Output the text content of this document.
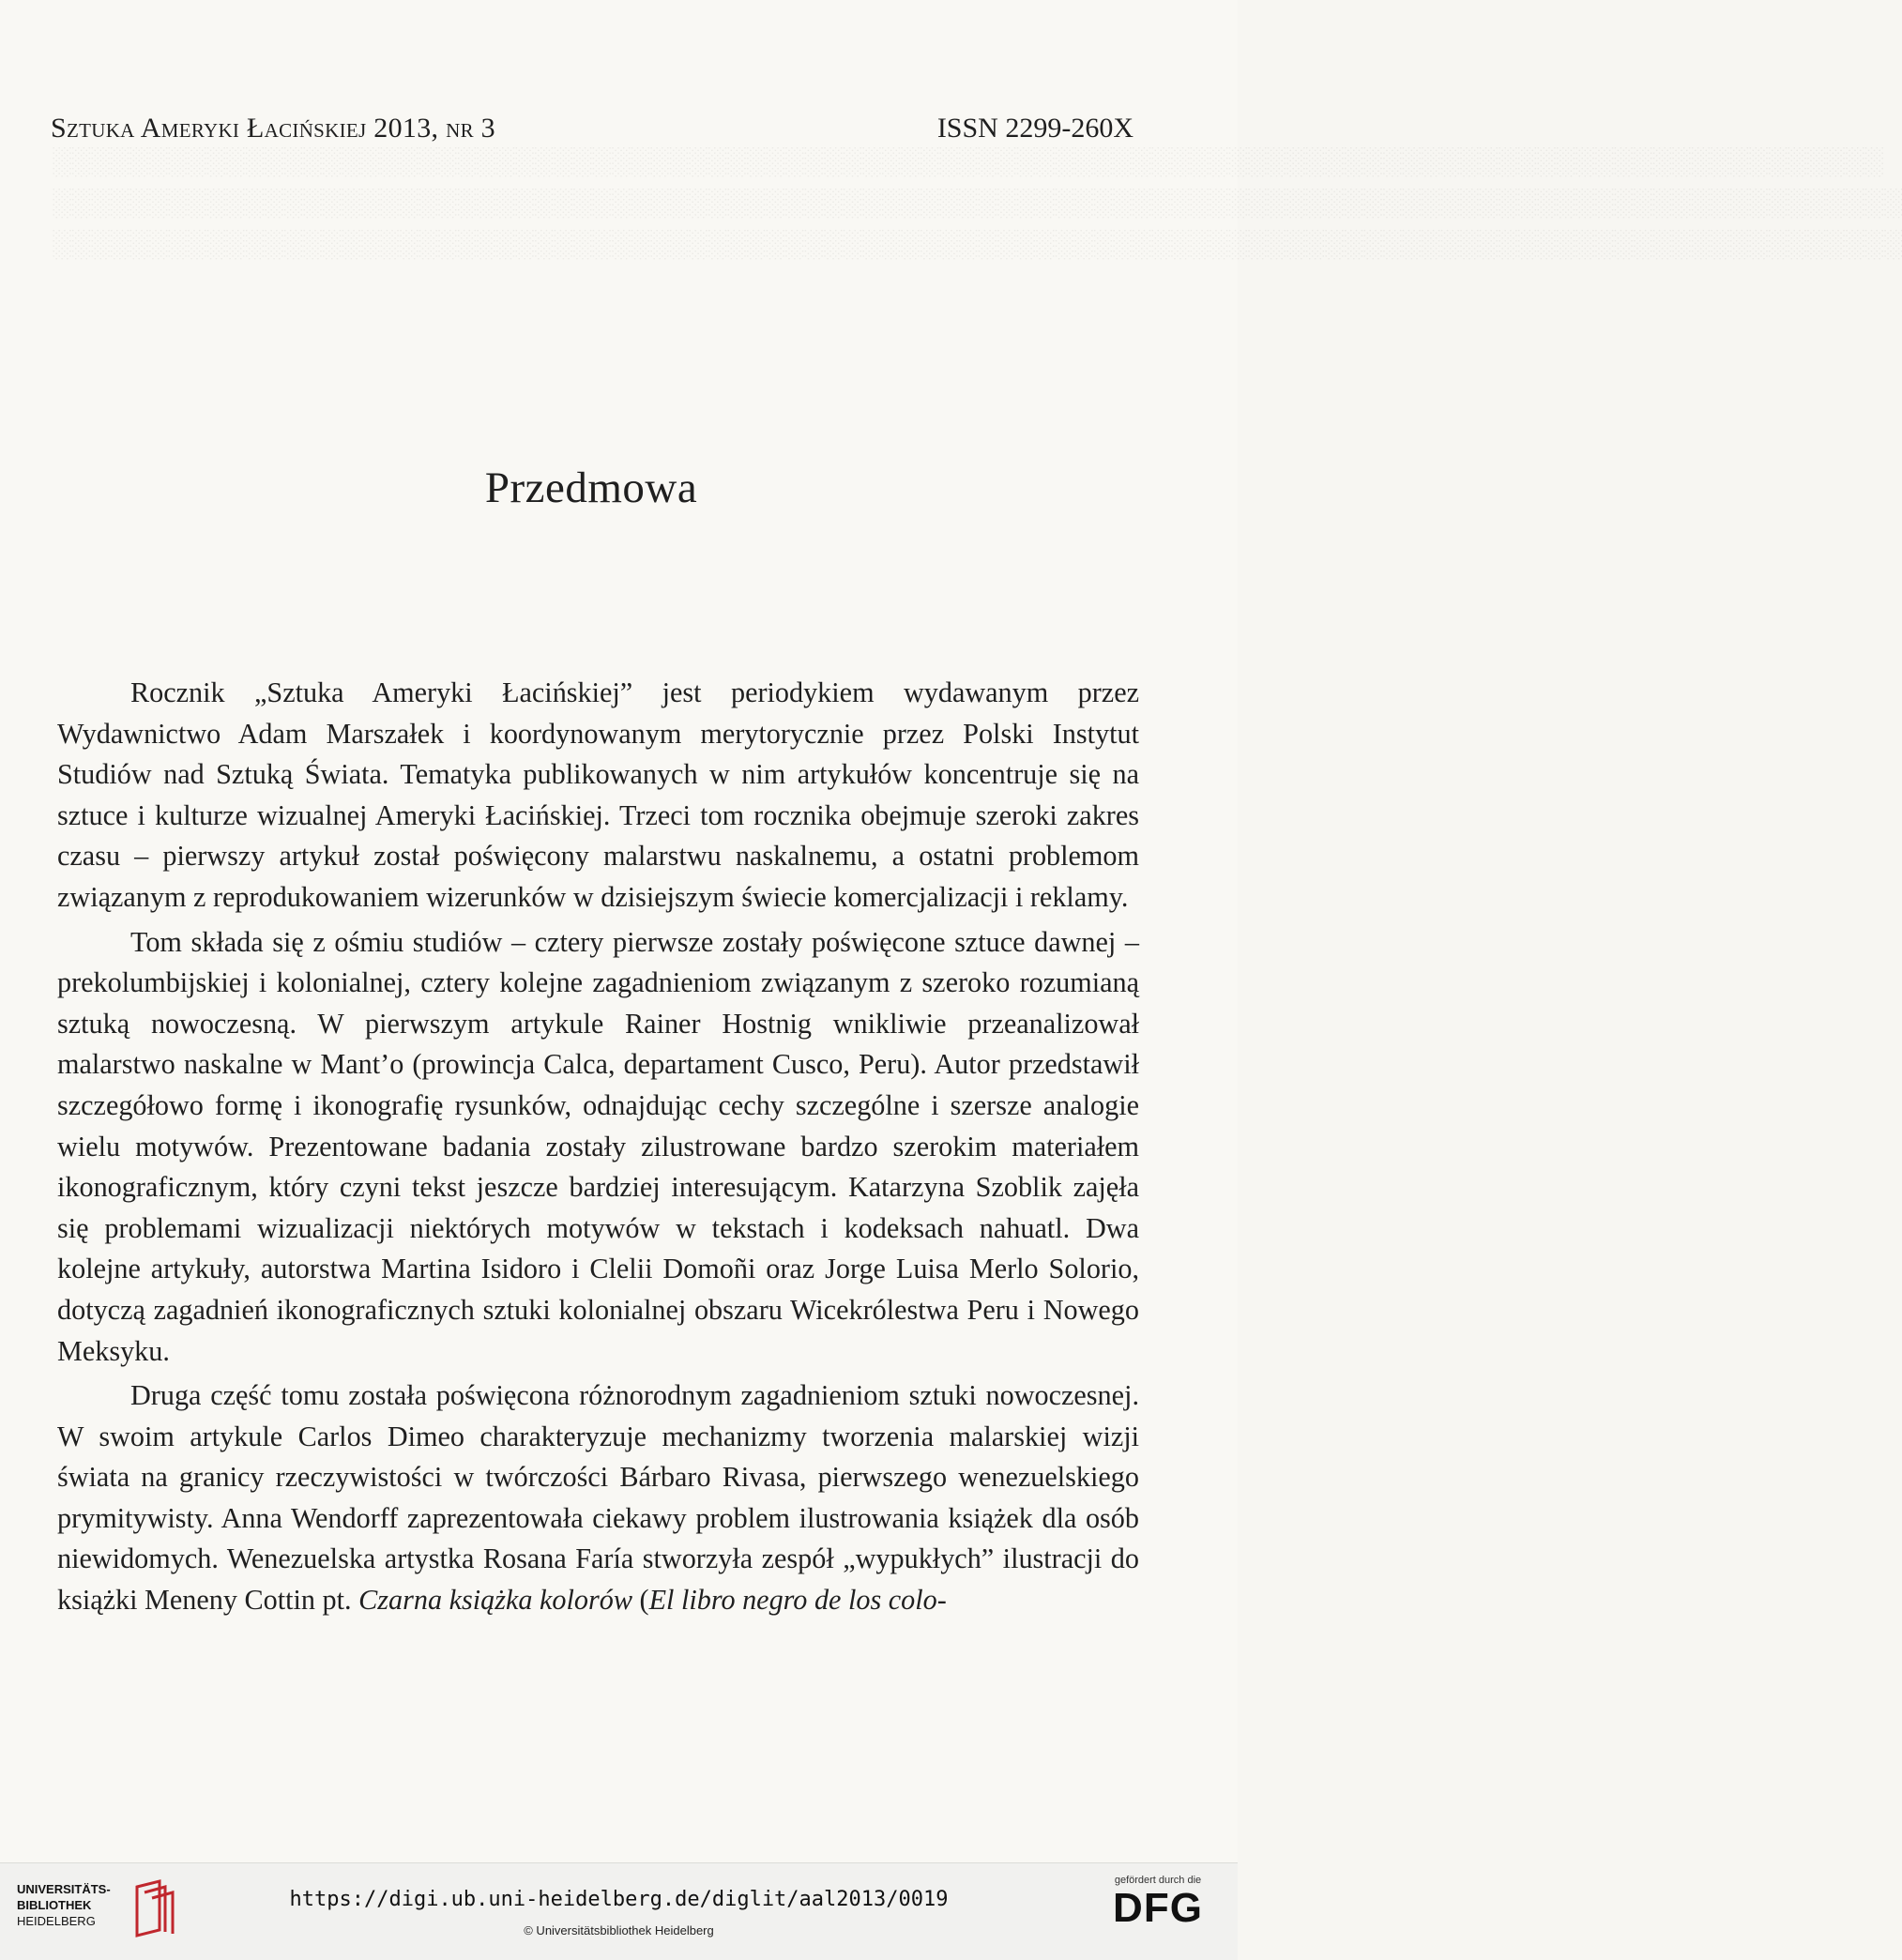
░░░░░░░░░░░░░░░░░░░░░░░░░░░░░░░░░░░░░░░░░░░░░░░░░░░░░░░░░░░░░░░░░░░░░░░░░░░░░░░░░░░░░░░░░░░░░░░
░░░░░░░░░░░░░░░░░░░░░░░░░░░░░░░░░░░░░░░░░░░░░░░░░░░░░░░░░░░░░░░░░░░░░░░░░░░░░░░░░░░░░░░░░░░░░░░░
░░░░░░░░░░░░░░░░░░░░░░░░░░░░░░░░░░░░░░░░░░░░░░░░░░░░░░░░░░░░░░░░░░░░░░░░░░░░░░░░░░░░░░░░░░░░░░░░
Sztuka Ameryki Łacińskiej 2013, nr 3	ISSN 2299-260X
Przedmowa

Rocznik „Sztuka Ameryki Łacińskiej” jest periodykiem wydawanym przez Wydawnictwo Adam Marszałek i koordynowanym merytorycznie przez Polski Instytut Studiów nad Sztuką Świata. Tematyka publikowanych w nim artykułów koncentruje się na sztuce i kulturze wizualnej Ameryki Łacińskiej. Trzeci tom rocznika obejmuje szeroki zakres czasu – pierwszy artykuł został poświęcony malarstwu naskalnemu, a ostatni problemom związanym z reprodukowaniem wizerunków w dzisiejszym świecie komercjalizacji i reklamy.

Tom składa się z ośmiu studiów – cztery pierwsze zostały poświęcone sztuce dawnej – prekolumbijskiej i kolonialnej, cztery kolejne zagadnieniom związanym z szeroko rozumianą sztuką nowoczesną. W pierwszym artykule Rainer Hostnig wnikliwie przeanalizował malarstwo naskalne w Mant’o (prowincja Calca, departament Cusco, Peru). Autor przedstawił szczegółowo formę i ikonografię rysunków, odnajdując cechy szczególne i szersze analogie wielu motywów. Prezentowane badania zostały zilustrowane bardzo szerokim materiałem ikonograficznym, który czyni tekst jeszcze bardziej interesującym. Katarzyna Szoblik zajęła się problemami wizualizacji niektórych motywów w tekstach i kodeksach nahuatl. Dwa kolejne artykuły, autorstwa Martina Isidoro i Clelii Domoñi oraz Jorge Luisa Merlo Solorio, dotyczą zagadnień ikonograficznych sztuki kolonialnej obszaru Wicekrólestwa Peru i Nowego Meksyku.

Druga część tomu została poświęcona różnorodnym zagadnieniom sztuki nowoczesnej. W swoim artykule Carlos Dimeo charakteryzuje mechanizmy tworzenia malarskiej wizji świata na granicy rzeczywistości w twórczości Bárbaro Rivasa, pierwszego wenezuelskiego prymitywisty. Anna Wendorff zaprezentowała ciekawy problem ilustrowania książek dla osób niewidomych. Wenezuelska artystka Rosana Faría stworzyła zespół „wypukłych” ilustracji do książki Meneny Cottin pt. Czarna książka kolorów (El libro negro de los colo-

UNIVERSITÄTS-
BIBLIOTHEK
HEIDELBERG
https://digi.ub.uni-heidelberg.de/diglit/aal2013/0019
© Universitätsbibliothek Heidelberg
gefördert durch die
DFG
